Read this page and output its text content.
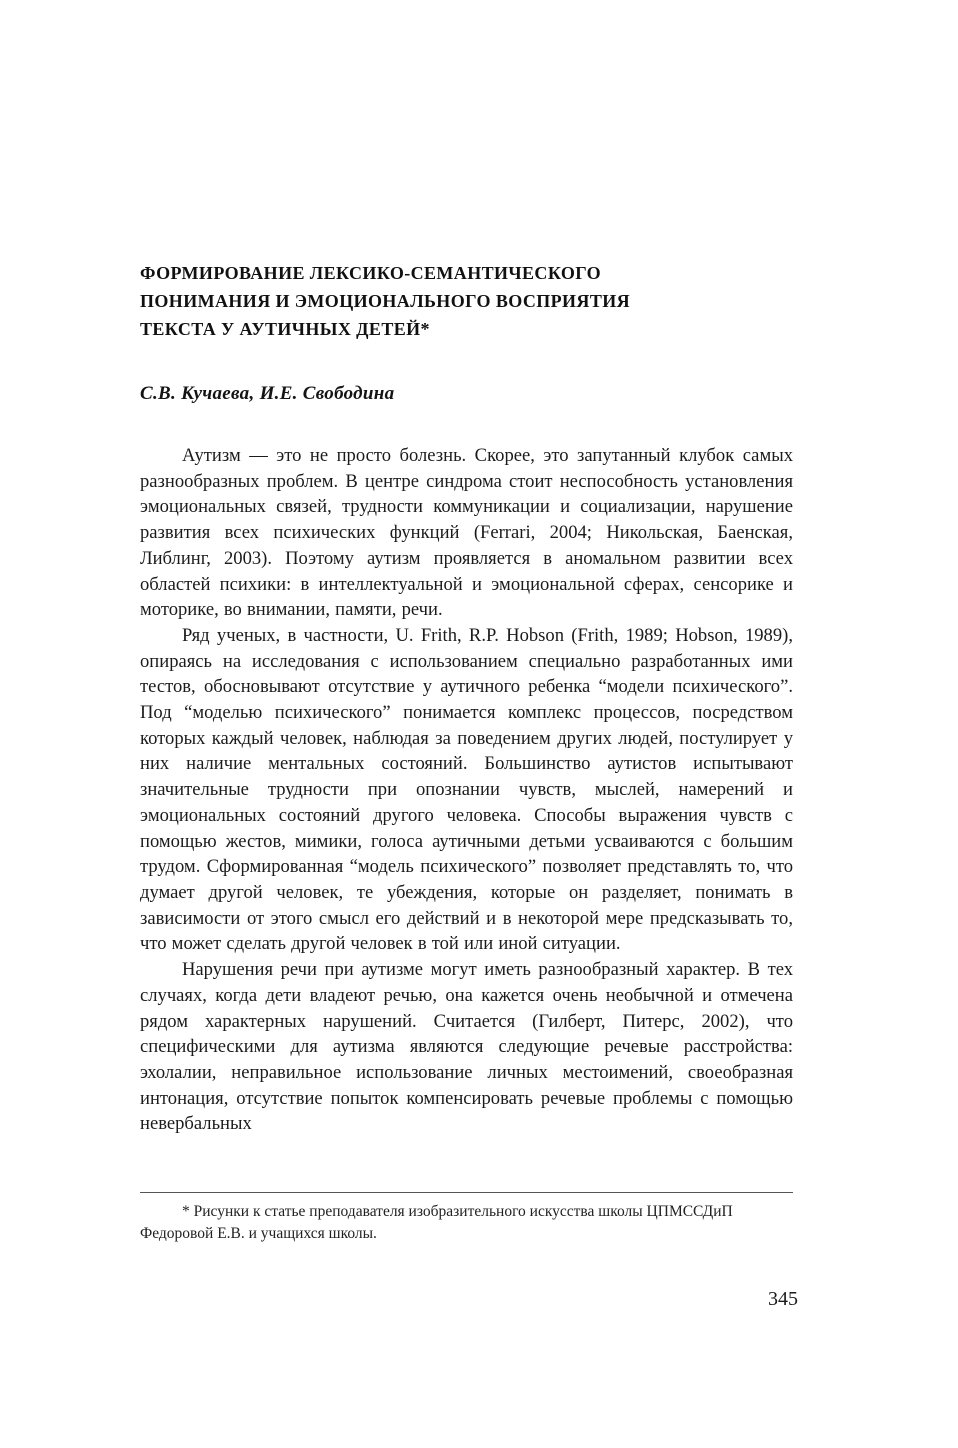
ФОРМИРОВАНИЕ ЛЕКСИКО-СЕМАНТИЧЕСКОГО
ПОНИМАНИЯ И ЭМОЦИОНАЛЬНОГО ВОСПРИЯТИЯ
ТЕКСТА У АУТИЧНЫХ ДЕТЕЙ*
С.В. Кучаева, И.Е. Свободина

Аутизм — это не просто болезнь. Скорее, это запутанный клубок самых разнообразных проблем. В центре синдрома стоит неспособность установления эмоциональных связей, трудности коммуникации и социализации, нарушение развития всех психических функций (Ferrari, 2004; Никольская, Баенская, Либлинг, 2003). Поэтому аутизм проявляется в аномальном развитии всех областей психики: в интеллектуальной и эмоциональной сферах, сенсорике и моторике, во внимании, памяти, речи.

Ряд ученых, в частности, U. Frith, R.P. Hobson (Frith, 1989; Hobson, 1989), опираясь на исследования с использованием специально разработанных ими тестов, обосновывают отсутствие у аутичного ребенка “модели психического”. Под “моделью психического” понимается комплекс процессов, посредством которых каждый человек, наблюдая за поведением других людей, постулирует у них наличие ментальных состояний. Большинство аутистов испытывают значительные трудности при опознании чувств, мыслей, намерений и эмоциональных состояний другого человека. Способы выражения чувств с помощью жестов, мимики, голоса аутичными детьми усваиваются с большим трудом. Сформированная “модель психического” позволяет представлять то, что думает другой человек, те убеждения, которые он разделяет, понимать в зависимости от этого смысл его действий и в некоторой мере предсказывать то, что может сделать другой человек в той или иной ситуации.

Нарушения речи при аутизме могут иметь разнообразный характер. В тех случаях, когда дети владеют речью, она кажется очень необычной и отмечена рядом характерных нарушений. Считается (Гилберт, Питерс, 2002), что специфическими для аутизма являются следующие речевые расстройства: эхолалии, неправильное использование личных местоимений, своеобразная интонация, отсутствие попыток компенсировать речевые проблемы с помощью невербальных

* Рисунки к статье преподавателя изобразительного искусства школы ЦПМССДиП Федоровой Е.В. и учащихся школы.

345
